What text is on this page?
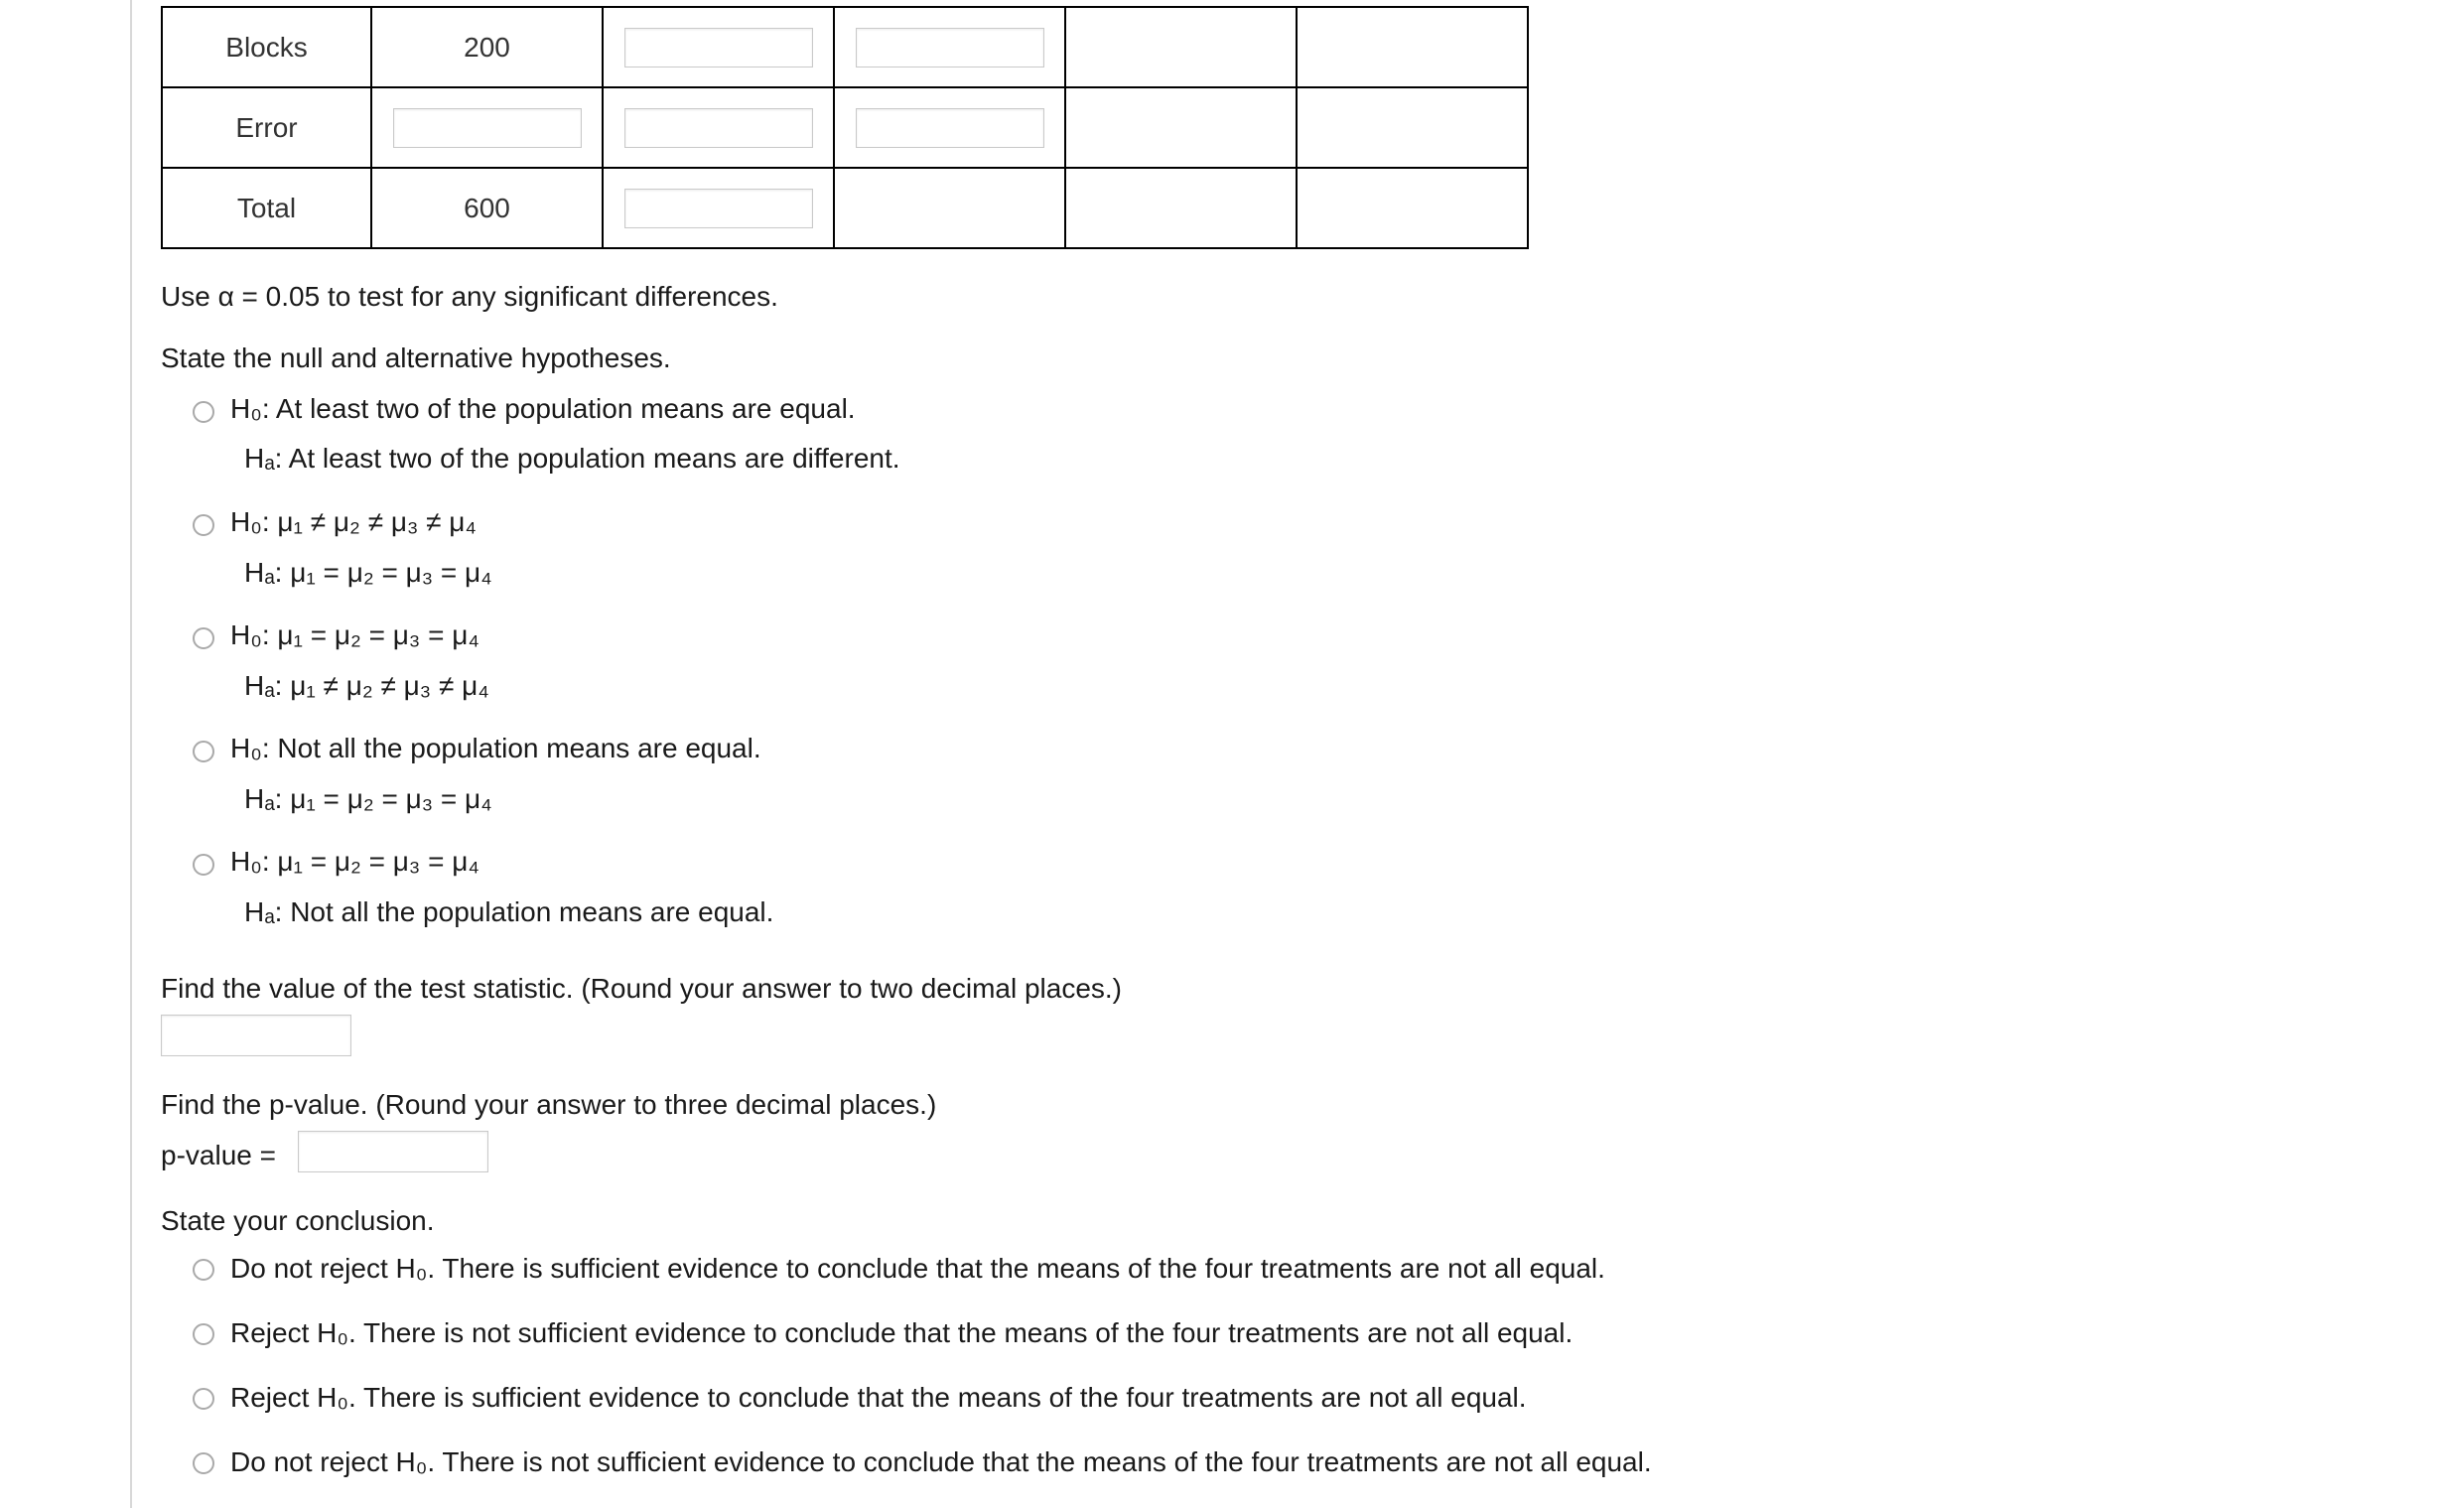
Blocks	200				
Error					
Total	600				
Use α = 0.05 to test for any significant differences.
State the null and alternative hypotheses.
H₀: At least two of the population means are equal.
Hₐ: At least two of the population means are different.
H₀: μ₁ ≠ μ₂ ≠ μ₃ ≠ μ₄
Hₐ: μ₁ = μ₂ = μ₃ = μ₄
H₀: μ₁ = μ₂ = μ₃ = μ₄
Hₐ: μ₁ ≠ μ₂ ≠ μ₃ ≠ μ₄
H₀: Not all the population means are equal.
Hₐ: μ₁ = μ₂ = μ₃ = μ₄
H₀: μ₁ = μ₂ = μ₃ = μ₄
Hₐ: Not all the population means are equal.
Find the value of the test statistic. (Round your answer to two decimal places.)
Find the p-value. (Round your answer to three decimal places.)
p-value =
State your conclusion.
Do not reject H₀. There is sufficient evidence to conclude that the means of the four treatments are not all equal.
Reject H₀. There is not sufficient evidence to conclude that the means of the four treatments are not all equal.
Reject H₀. There is sufficient evidence to conclude that the means of the four treatments are not all equal.
Do not reject H₀. There is not sufficient evidence to conclude that the means of the four treatments are not all equal.
